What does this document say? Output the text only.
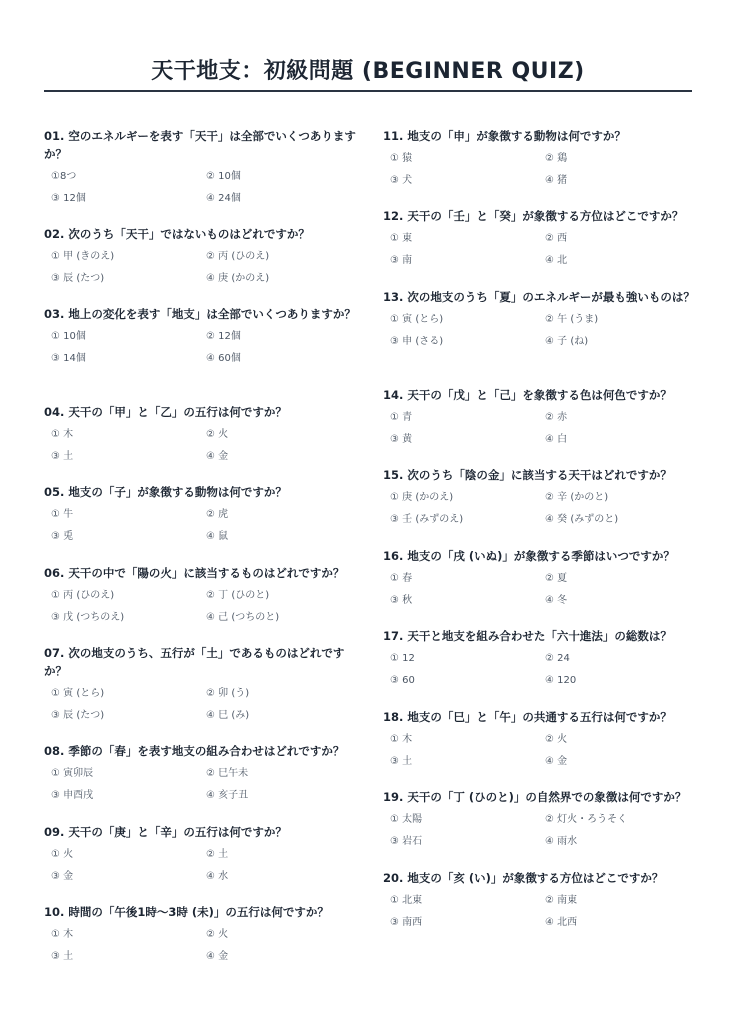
天干地支：初級問題 (BEGINNER QUIZ)
01. 空のエネルギーを表す「天干」は全部でいくつありますか？
①8つ	② 10個
③ 12個	④ 24個
02. 次のうち「天干」ではないものはどれですか？
① 甲 (きのえ)	② 丙 (ひのえ)
③ 辰 (たつ)	④ 庚 (かのえ)
03. 地上の変化を表す「地支」は全部でいくつありますか？
① 10個	② 12個
③ 14個	④ 60個
04. 天干の「甲」と「乙」の五行は何ですか？
① 木	② 火
③ 土	④ 金
05. 地支の「子」が象徴する動物は何ですか？
① 牛	② 虎
③ 兎	④ 鼠
06. 天干の中で「陽の火」に該当するものはどれですか？
① 丙 (ひのえ)	② 丁 (ひのと)
③ 戊 (つちのえ)	④ 己 (つちのと)
07. 次の地支のうち、五行が「土」であるものはどれですか？
① 寅 (とら)	② 卯 (う)
③ 辰 (たつ)	④ 巳 (み)
08. 季節の「春」を表す地支の組み合わせはどれですか？
① 寅卯辰	② 巳午未
③ 申酉戌	④ 亥子丑
09. 天干の「庚」と「辛」の五行は何ですか？
① 火	② 土
③ 金	④ 水
10. 時間の「午後1時〜3時 (未)」の五行は何ですか？
① 木	② 火
③ 土	④ 金
11. 地支の「申」が象徴する動物は何ですか？
① 猿	② 鶏
③ 犬	④ 猪
12. 天干の「壬」と「癸」が象徴する方位はどこですか？
① 東	② 西
③ 南	④ 北
13. 次の地支のうち「夏」のエネルギーが最も強いものは？
① 寅 (とら)	② 午 (うま)
③ 申 (さる)	④ 子 (ね)
14. 天干の「戊」と「己」を象徴する色は何色ですか？
① 青	② 赤
③ 黄	④ 白
15. 次のうち「陰の金」に該当する天干はどれですか？
① 庚 (かのえ)	② 辛 (かのと)
③ 壬 (みずのえ)	④ 癸 (みずのと)
16. 地支の「戌 (いぬ)」が象徴する季節はいつですか？
① 春	② 夏
③ 秋	④ 冬
17. 天干と地支を組み合わせた「六十進法」の総数は？
① 12	② 24
③ 60	④ 120
18. 地支の「巳」と「午」の共通する五行は何ですか？
① 木	② 火
③ 土	④ 金
19. 天干の「丁 (ひのと)」の自然界での象徴は何ですか？
① 太陽	② 灯火・ろうそく
③ 岩石	④ 雨水
20. 地支の「亥 (い)」が象徴する方位はどこですか？
① 北東	② 南東
③ 南西	④ 北西
